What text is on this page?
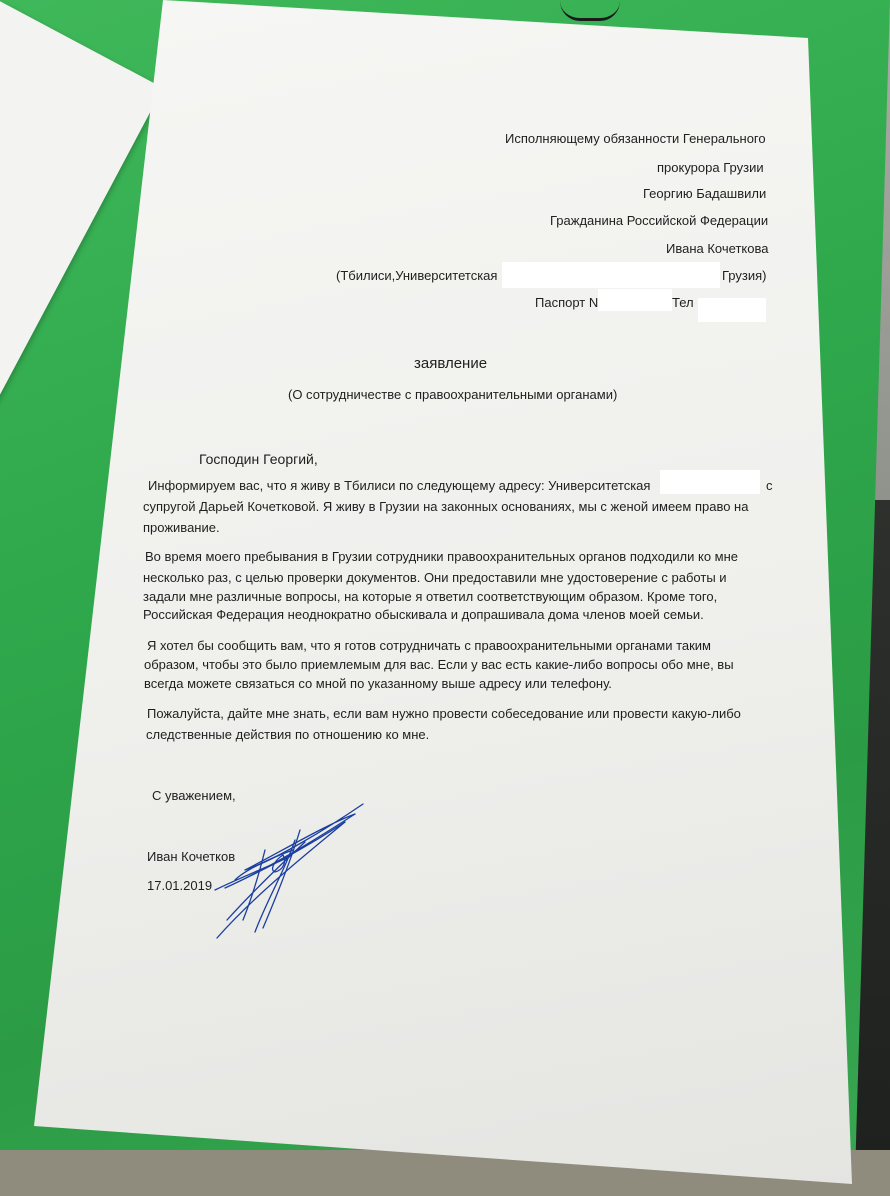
Исполняющему обязанности Генерального
прокурора Грузии
Георгию Бадашвили
Гражданина Российской Федерации
Ивана Кочеткова
(Тбилиси,Университетская	Грузия)
Паспорт N	Тел
заявление
(О сотрудничестве с правоохранительными органами)
Господин Георгий,
Информируем вас, что я живу в Тбилиси по следующему адресу: Университетская	с
супругой Дарьей Кочетковой. Я живу в Грузии на законных основаниях, мы с женой имеем право на
проживание.
Во время моего пребывания в Грузии сотрудники правоохранительных органов подходили ко мне
несколько раз, с целью проверки документов. Они предоставили мне удостоверение с работы и
задали мне различные вопросы, на которые я ответил соответствующим образом. Кроме того,
Российская Федерация неоднократно обыскивала и допрашивала дома членов моей семьи.
Я хотел бы сообщить вам, что я готов сотрудничать с правоохранительными органами таким
образом, чтобы это было приемлемым для вас. Если у вас есть какие-либо вопросы обо мне, вы
всегда можете связаться со мной по указанному выше адресу или телефону.
Пожалуйста, дайте мне знать, если вам нужно провести собеседование или провести какую-либо
следственные действия по отношению ко мне.
С уважением,
Иван Кочетков
17.01.2019
